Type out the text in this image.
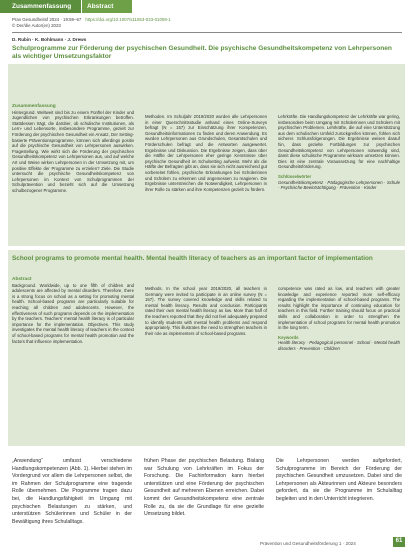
Zusammenfassung	Abstract
Prav Gesundheitsf 2024 · 19:59–67 https://doi.org/10.1007/s11553-023-01008-1
© Der/die Autor(en) 2023
D. Rubin · K. Bohlmann · J. Drews
Schulprogramme zur Förderung der psychischen Gesundheit. Die psychische Gesundheitskompetenz von Lehrpersonen als wichtiger Umsetzungsfaktor
Zusammenfassung
Hintergrund. Weltweit sind bis zu einem Fünftel der Kinder und Jugendlichen von psychischen Erkrankungen betroffen. Stattdessen trägt, die darüber, ob schulische Institutionen, als Lern- und Lebensorte, insbesondere Programme, gezielt zur Förderung der psychischen Gesundheit ein Ansatz, Der Setting-basierte Präventionsprogramme, können sich allerdings positiv auf die psychische Gesundheit von Lehrpersonen auswirken. Fragestellung. Wie wirkt sich die Förderung der psychischen Gesundheitskompetenz von Lehrpersonen aus, und auf welche Art und Weise wirken Lehrpersonen in der Umsetzung mit, um positive Effekte der Programme zu erzielen? Ziele. Die Studie untersucht die psychische Gesundheitskompetenz von Lehrpersonen im Kontext von Schulprogrammen der Schulprävention und bezieht sich auf die Umsetzung schulbezogener Programme.
Methoden. Im Schuljahr 2019/2020 wurden alle Lehrpersonen in einer Querschnittsstudie anhand eines Online-Surveys befragt (N = 157) zur Einschätzung ihrer Kompetenzen, Gesundheitsinformationen zu finden und deren Anwendung. Es wurden Lehrpersonen aus Grundschulen, Gesamtschulen und Förderschulen befragt und die Antworten ausgewertet. Ergebnisse und Diskussion. Die Ergebnisse zeigen, dass über die Hälfte der Lehrpersonen eher geringe Kenntnisse über psychische Gesundheit im Schulsetting aufweist. Mehr als die Hälfte der Befragten gibt an, dass sie sich nicht ausreichend gut vorbereitet fühlen, psychische Erkrankungen bei Schülerinnen und Schülern zu erkennen und angemessen zu reagieren. Die Ergebnisse unterstreichen die Notwendigkeit, Lehrpersonen in ihrer Rolle zu stärken und ihre Kompetenzen gezielt zu fördern.
Lehrkräfte. Die Handlungskompetenz der Lehrkräfte war gering, insbesondere beim Umgang mit Schülerinnen und Schülern mit psychischen Problemen. Lehrkräfte, die auf eine Unterstützung aus dem schulischen Umfeld zurückgreifen können, fühlen sich sicherer. Schlussfolgerungen. Die Ergebnisse weisen darauf hin, dass gezielte Fortbildungen zur psychischen Gesundheitskompetenz von Lehrpersonen notwendig sind, damit diese schulische Programme wirksam umsetzen können. Dies ist eine zentrale Voraussetzung für eine nachhaltige Gesundheitsförderung.
Schlüsselwörter
Gesundheitskompetenz · Pädagogische Lehrpersonen · Schule · Psychische Beeinträchtigung · Prävention · Kinder
School programs to promote mental health. Mental health literacy of teachers as an important factor of implementation
Abstract
Background. Worldwide, up to one fifth of children and adolescents are affected by mental disorders. Therefore, there is a strong focus on school as a setting for promoting mental health. School-based programs are particularly suitable for reaching all children and adolescents. However, the effectiveness of such programs depends on the implementation by the teachers. Teachers' mental health literacy is of particular importance for the implementation. Objectives. This study investigates the mental health literacy of teachers in the context of school-based programs for mental health promotion and the factors that influence implementation.
Methods. In the school year 2019/2020, all teachers in Germany were invited to participate in an online survey (N = 157). The survey covered knowledge and skills related to mental health literacy. Results and conclusion. Participants rated their own mental health literacy as low. More than half of the teachers reported that they did not feel adequately prepared to identify students with mental health problems and respond appropriately. This illustrates the need to strengthen teachers in their role as implementers of school-based programs.
competence was rated as low, and teachers with greater knowledge and experience reported more self-efficacy regarding the implementation of school-based programs. The results highlight the importance of continuing education for teachers in this field. Further training should focus on practical skills and collaboration in order to strengthen the implementation of school programs for mental health promotion in the long term.
Keywords
Health literacy · Pedagogical personnel · School · Mental health disorders · Prevention · Children
„Anwendung“ umfasst verschiedene Handlungskompetenzen (Abb. 1). Hierbei stehen im Vordergrund vor allem die Lehrpersonen selbst, die im Rahmen der Schulprogramme eine tragende Rolle übernehmen. Die Programme tragen dazu bei, die Handlungsfähigkeit im Umgang mit psychischen Belastungen zu stärken, und unterstützen Schülerinnen und Schüler in der Bewältigung ihres Schulalltags.
frühen Phase der psychischen Belastung. Bislang war Schulung von Lehrkräften im Fokus der Forschung. Die Fachinformation kann hierbei unterstützen und eine Förderung der psychischen Gesundheit auf mehreren Ebenen erreichen. Dabei kommt der Gesundheitskompetenz eine zentrale Rolle zu, da sie die Grundlage für eine gezielte Umsetzung bildet.
Die Lehrpersonen werden aufgefordert, Schulprogramme im Bereich der Förderung der psychischen Gesundheit umzusetzen. Dabei sind die Lehrpersonen als Akteurinnen und Akteure besonders gefordert, da sie die Programme im Schulalltag begleiten und in den Unterricht integrieren.
Prävention und Gesundheitsförderung 1 · 2024	61
